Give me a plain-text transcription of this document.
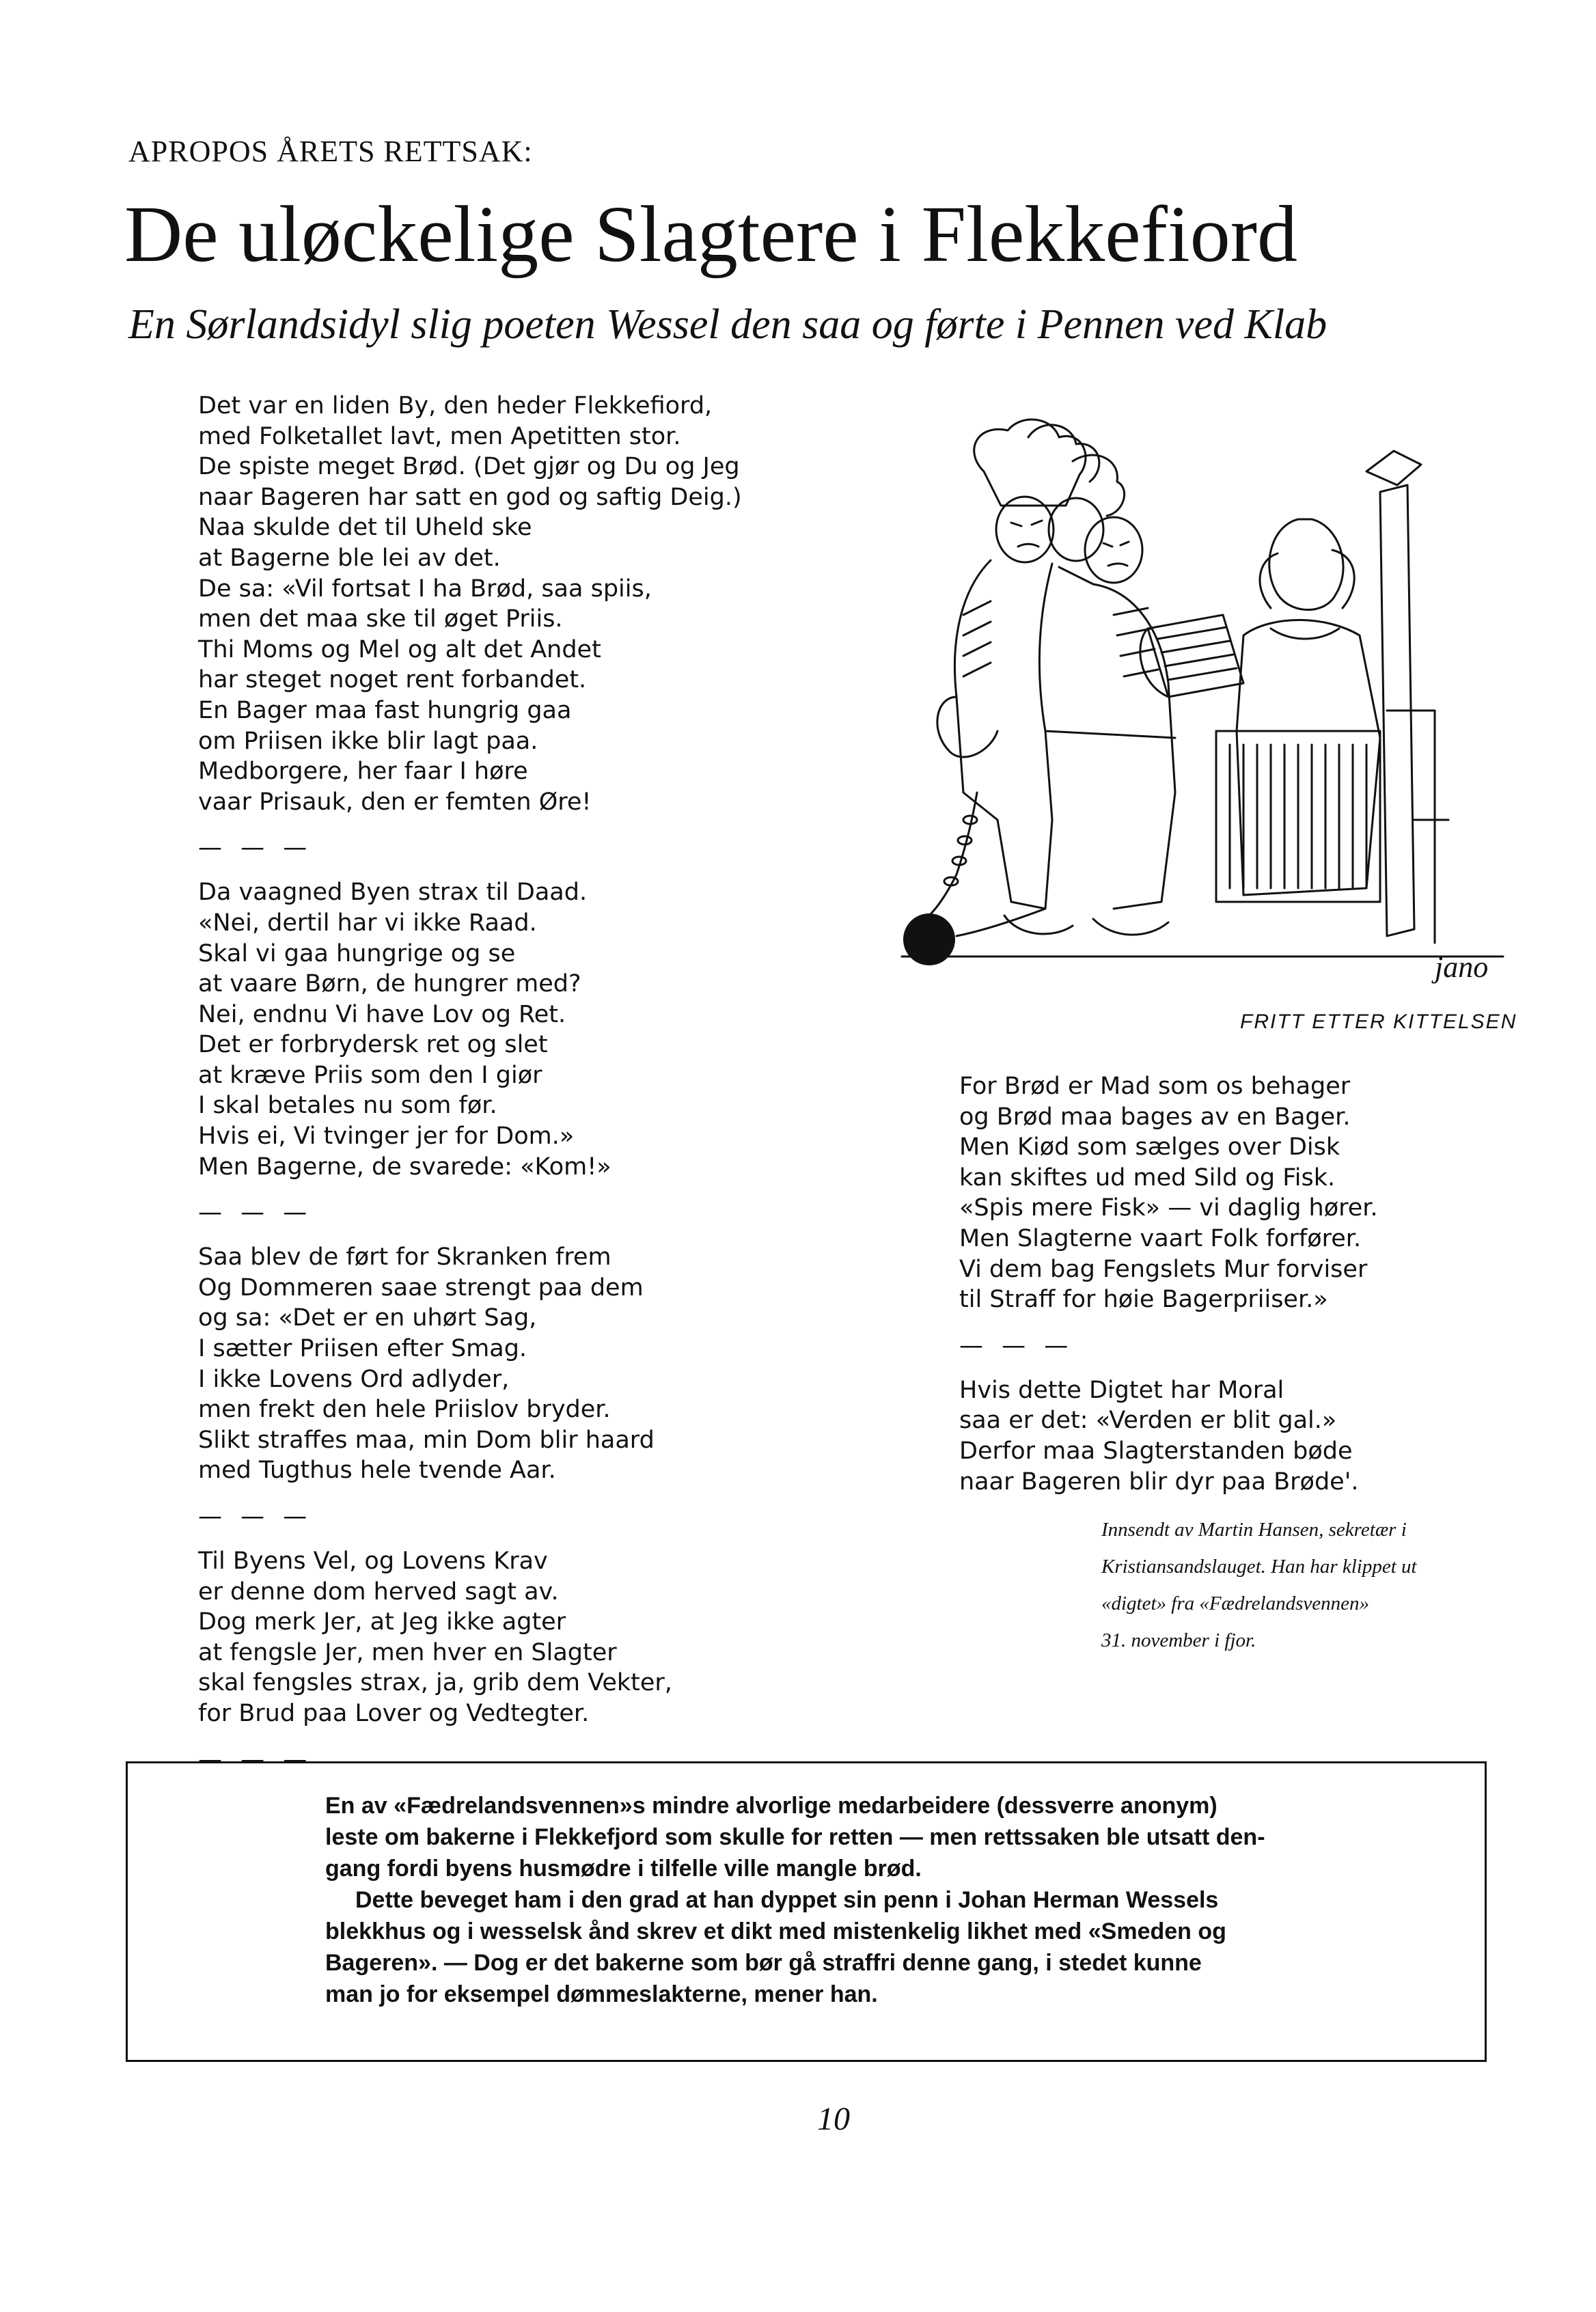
APROPOS ÅRETS RETTSAK:
De uløckelige Slagtere i Flekkefiord
En Sørlandsidyl slig poeten Wessel den saa og førte i Pennen ved Klab
Det var en liden By, den heder Flekkefiord,
med Folketallet lavt, men Apetitten stor.
De spiste meget Brød. (Det gjør og Du og Jeg
naar Bageren har satt en god og saftig Deig.)
Naa skulde det til Uheld ske
at Bagerne ble lei av det.
De sa: «Vil fortsat I ha Brød, saa spiis,
men det maa ske til øget Priis.
Thi Moms og Mel og alt det Andet
har steget noget rent forbandet.
En Bager maa fast hungrig gaa
om Priisen ikke blir lagt paa.
Medborgere, her faar I høre
vaar Prisauk, den er femten Øre!
— — —
Da vaagned Byen strax til Daad.
«Nei, dertil har vi ikke Raad.
Skal vi gaa hungrige og se
at vaare Børn, de hungrer med?
Nei, endnu Vi have Lov og Ret.
Det er forbrydersk ret og slet
at kræve Priis som den I giør
I skal betales nu som før.
Hvis ei, Vi tvinger jer for Dom.»
Men Bagerne, de svarede: «Kom!»
— — —
Saa blev de ført for Skranken frem
Og Dommeren saae strengt paa dem
og sa: «Det er en uhørt Sag,
I sætter Priisen efter Smag.
I ikke Lovens Ord adlyder,
men frekt den hele Priislov bryder.
Slikt straffes maa, min Dom blir haard
med Tugthus hele tvende Aar.
— — —
Til Byens Vel, og Lovens Krav
er denne dom herved sagt av.
Dog merk Jer, at Jeg ikke agter
at fengsle Jer, men hver en Slagter
skal fengsles strax, ja, grib dem Vekter,
for Brud paa Lover og Vedtegter.
— — —
jano
FRITT ETTER KITTELSEN
For Brød er Mad som os behager
og Brød maa bages av en Bager.
Men Kiød som sælges over Disk
kan skiftes ud med Sild og Fisk.
«Spis mere Fisk» — vi daglig hører.
Men Slagterne vaart Folk forfører.
Vi dem bag Fengslets Mur forviser
til Straff for høie Bagerpriiser.»
— — —
Hvis dette Digtet har Moral
saa er det: «Verden er blit gal.»
Derfor maa Slagterstanden bøde
naar Bageren blir dyr paa Brøde'.
Innsendt av Martin Hansen, sekretær i
Kristiansandslauget. Han har klippet ut
«digtet» fra «Fædrelandsvennen»
31. november i fjor.
En av «Fædrelandsvennen»s mindre alvorlige medarbeidere (dessverre anonym)
leste om bakerne i Flekkefjord som skulle for retten — men rettssaken ble utsatt den-
gang fordi byens husmødre i tilfelle ville mangle brød.
Dette beveget ham i den grad at han dyppet sin penn i Johan Herman Wessels
blekkhus og i wesselsk ånd skrev et dikt med mistenkelig likhet med «Smeden og
Bageren». — Dog er det bakerne som bør gå straffri denne gang, i stedet kunne
man jo for eksempel dømmeslakterne, mener han.
10
